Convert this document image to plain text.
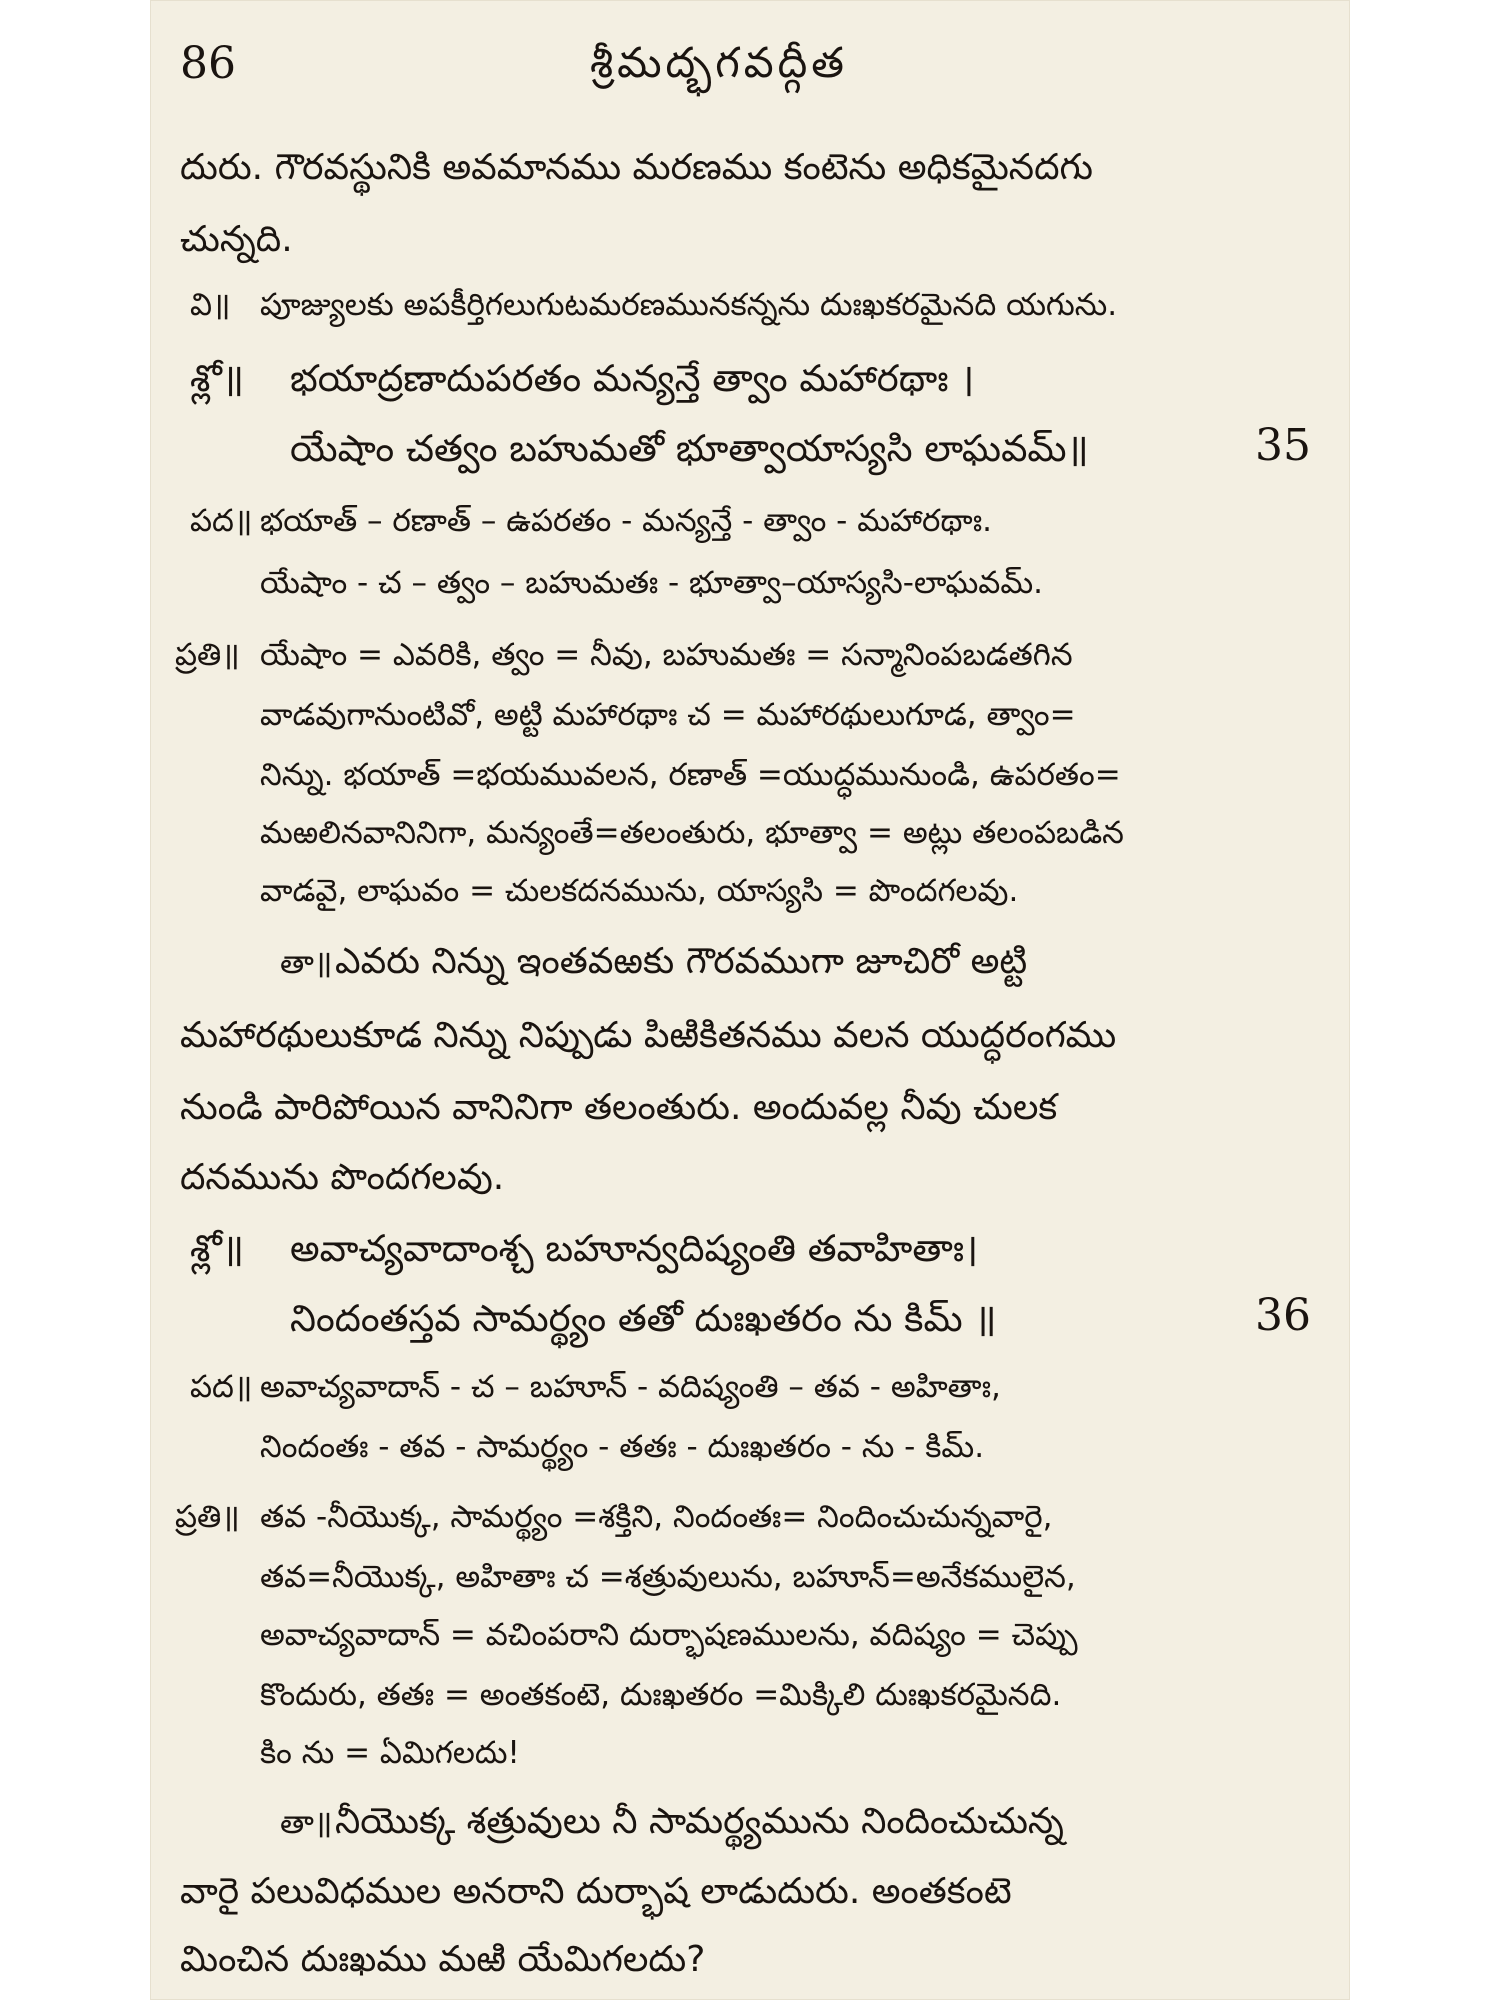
86	శ్రీమద్భగవద్గీత
దురు. గౌరవస్థునికి అవమానము మరణము కంటెను అధికమైనదగు
చున్నది.
వి॥ పూజ్యులకు అపకీర్తిగలుగుటమరణమునకన్నను దుఃఖకరమైనది యగును.
శ్లో॥ భయాద్రణాదుపరతం మన్యన్తే త్వాం మహారథాః ।
యేషాం చత్వం బహుమతో భూత్వాయాస్యసి లాఘవమ్॥	35
పద॥ భయాత్ – రణాత్ – ఉపరతం - మన్యన్తే - త్వాం - మహారథాః.
యేషాం - చ – త్వం – బహుమతః - భూత్వా–యాస్యసి-లాఘవమ్.
ప్రతి॥ యేషాం = ఎవరికి, త్వం = నీవు, బహుమతః = సన్మానింపబడతగిన
వాడవుగానుంటివో, అట్టి మహారథాః చ = మహారథులుగూడ, త్వాం=
నిన్ను. భయాత్ =భయమువలన, రణాత్ =యుద్ధమునుండి, ఉపరతం=
మఱలినవానినిగా, మన్యంతే=తలంతురు, భూత్వా = అట్లు తలంపబడిన
వాడవై, లాఘవం = చులకదనమును, యాస్యసి = పొందగలవు.
తా॥ ఎవరు నిన్ను ఇంతవఱకు గౌరవముగా జూచిరో అట్టి
మహారథులుకూడ నిన్ను నిప్పుడు పిఱికితనము వలన యుద్ధరంగము
నుండి పారిపోయిన వానినిగా తలంతురు. అందువల్ల నీవు చులక
దనమును పొందగలవు.
శ్లో॥ అవాచ్యవాదాంశ్చ బహూన్వదిష్యంతి తవాహితాః।
నిందంతస్తవ సామర్థ్యం తతో దుఃఖతరం ను కిమ్ ॥	36
పద॥ అవాచ్యవాదాన్ - చ – బహూన్ - వదిష్యంతి – తవ - అహితాః,
నిందంతః - తవ - సామర్థ్యం - తతః - దుఃఖతరం - ను - కిమ్.
ప్రతి॥ తవ -నీయొక్క, సామర్థ్యం =శక్తిని, నిందంతః= నిందించుచున్నవారై,
తవ=నీయొక్క, అహితాః చ =శత్రువులును, బహూన్=అనేకములైన,
అవాచ్యవాదాన్ = వచింపరాని దుర్భాషణములను, వదిష్యం = చెప్పు
కొందురు, తతః = అంతకంటె, దుఃఖతరం =మిక్కిలి దుఃఖకరమైనది.
కిం ను = ఏమిగలదు!
తా॥ నీయొక్క శత్రువులు నీ సామర్థ్యమును నిందించుచున్న
వారై పలువిధముల అనరాని దుర్భాష లాడుదురు. అంతకంటె
మించిన దుఃఖము మఱి యేమిగలదు?
